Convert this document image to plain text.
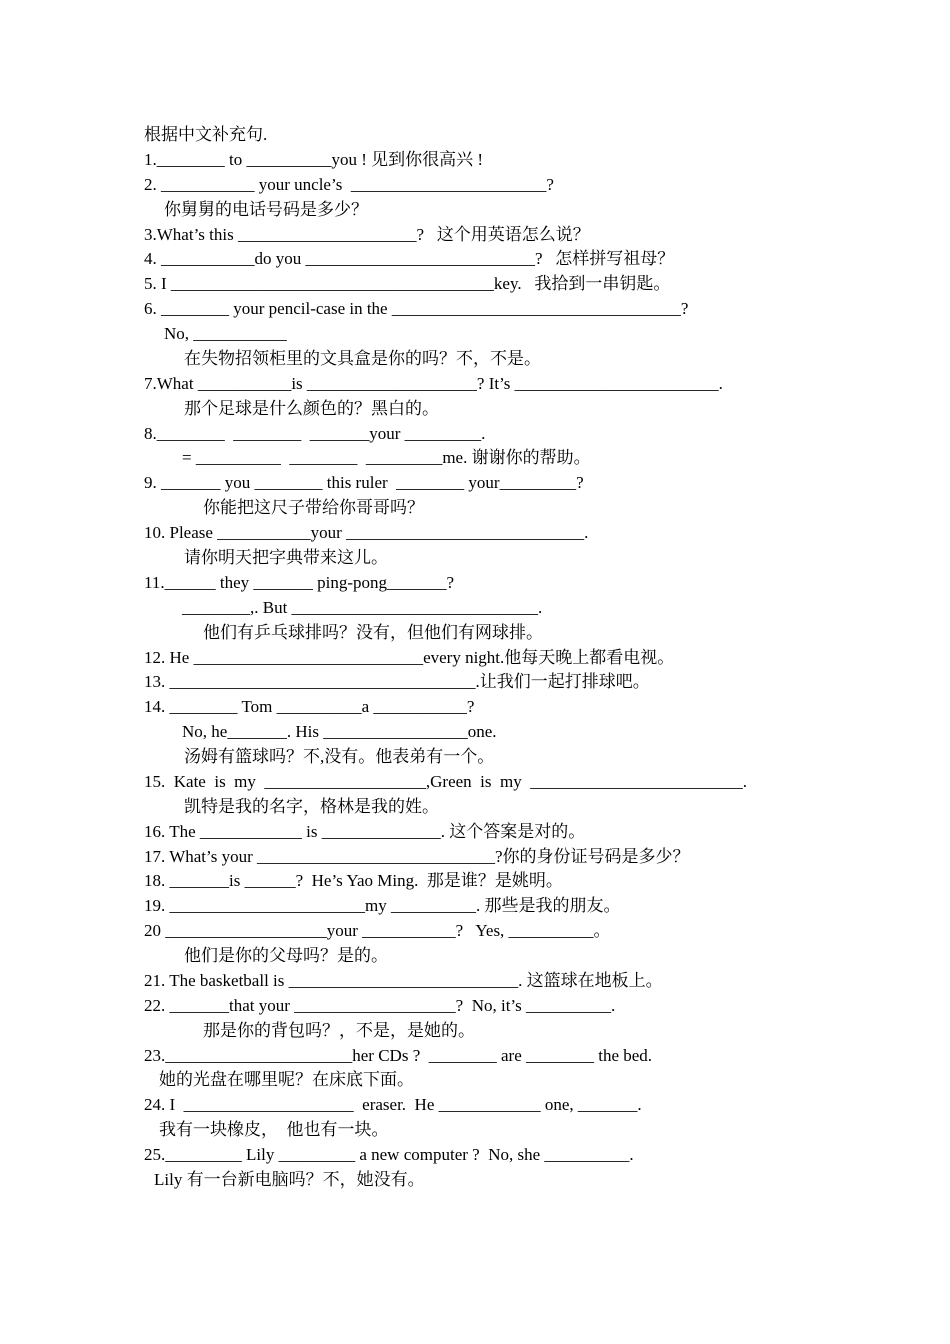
根据中文补充句.
1.________ to __________you ! 见到你很高兴 !
2. ___________ your uncle’s  _______________________?
你舅舅的电话号码是多少？
3.What’s this _____________________?   这个用英语怎么说？
4. ___________do you ___________________________?   怎样拼写祖母？
5. I ______________________________________key.   我拾到一串钥匙。
6. ________ your pencil-case in the __________________________________?
No, ___________
在失物招领柜里的文具盒是你的吗？不，不是。
7.What ___________is ____________________? It’s ________________________.
那个足球是什么颜色的？黑白的。
8.________  ________  _______your _________.
= __________  ________  _________me. 谢谢你的帮助。
9. _______ you ________ this ruler  ________ your_________?
你能把这尺子带给你哥哥吗？
10. Please ___________your ____________________________.
请你明天把字典带来这儿。
11.______ they _______ ping-pong_______?
________,. But _____________________________.
他们有乒乓球排吗？没有，但他们有网球排。
12. He ___________________________every night.他每天晚上都看电视。
13. ____________________________________.让我们一起打排球吧。
14. ________ Tom __________a ___________?
No, he_______. His _________________one.
汤姆有篮球吗？不,没有。他表弟有一个。
15.  Kate  is  my  ___________________,Green  is  my  _________________________.
凯特是我的名字，格林是我的姓。
16. The ____________ is ______________. 这个答案是对的。
17. What’s your ____________________________?你的身份证号码是多少？
18. _______is ______?  He’s Yao Ming.  那是谁？是姚明。
19. _______________________my __________. 那些是我的朋友。
20 ___________________your ___________?   Yes, __________。
他们是你的父母吗？是的。
21. The basketball is ___________________________. 这篮球在地板上。
22. _______that your ___________________?  No, it’s __________.
那是你的背包吗？，不是，是她的。
23.______________________her CDs ?  ________ are ________ the bed.
她的光盘在哪里呢？在床底下面。
24. I  ____________________  eraser.  He ____________ one, _______.
我有一块橡皮，  他也有一块。
25._________ Lily _________ a new computer ?  No, she __________.
Lily 有一台新电脑吗？不，她没有。
